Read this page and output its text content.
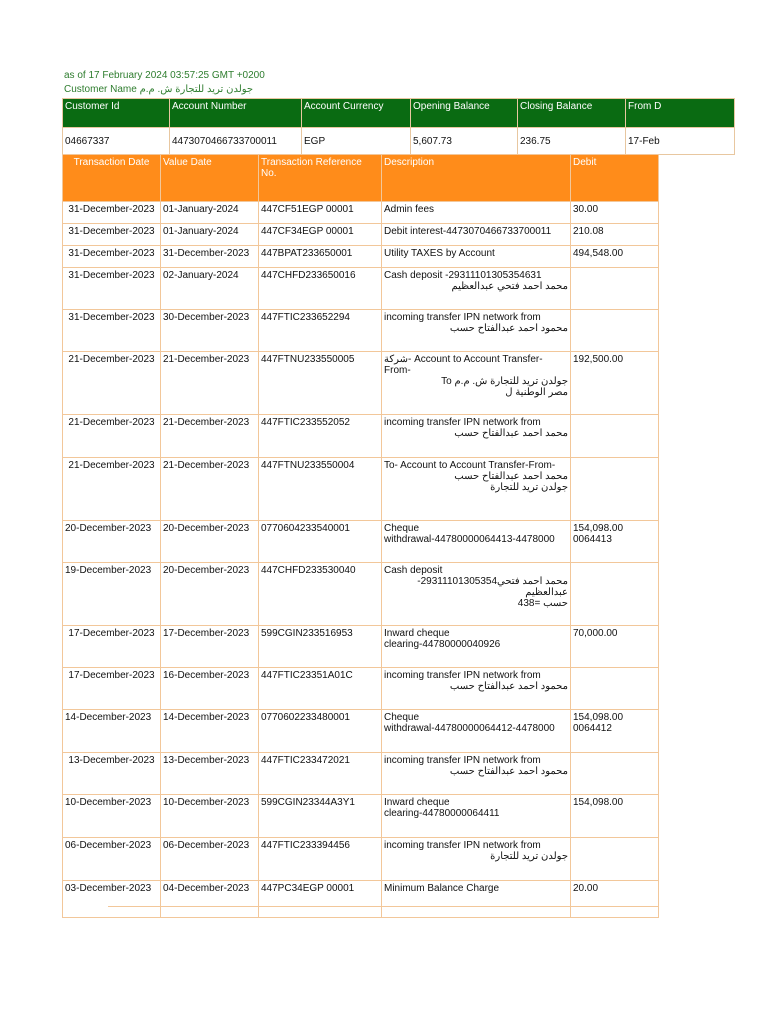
as of 17 February 2024 03:57:25 GMT +0200
Customer Name جولدن تريد للتجارة ش. م.م
Customer Id	Account Number	Account Currency	Opening Balance	Closing Balance	From D
04667337	4473070466733700011	EGP	5,607.73	236.75	17-Feb
Transaction Date	Value Date	Transaction Reference No.	Description	Debit
31-December-2023	01-January-2024	447CF51EGP 00001	Admin fees	30.00
31-December-2023	01-January-2024	447CF34EGP 00001	Debit interest-4473070466733700011	210.08
31-December-2023	31-December-2023	447BPAT233650001	Utility TAXES by Account	494,548.00
31-December-2023	02-January-2024	447CHFD233650016	Cash deposit -29311101305354631
محمد احمد فتحي عبدالعظيم	

31-December-2023	30-December-2023	447FTIC233652294	incoming transfer IPN network from
محمود احمد عبدالفتاح حسب	

21-December-2023	21-December-2023	447FTNU233550005	شركة- Account to Account Transfer-From-
To جولدن تريد للتجارة ش. م.م
مصر الوطنية ل	192,500.00
21-December-2023	21-December-2023	447FTIC233552052	incoming transfer IPN network from
محمد احمد عبدالفتاح حسب	

21-December-2023	21-December-2023	447FTNU233550004	To- Account to Account Transfer-From-
محمد احمد عبدالفتاح حسب
جولدن تريد للتجارة	

20-December-2023	20-December-2023	0770604233540001	Cheque
withdrawal-44780000064413-4478000	154,098.00 0064413
19-December-2023	20-December-2023	447CHFD233530040	Cash deposit
محمد احمد فتحي29311101305354- عبدالعظيم
حسب =438	

17-December-2023	17-December-2023	599CGIN233516953	Inward cheque
clearing-44780000040926	70,000.00
17-December-2023	16-December-2023	447FTIC23351A01C	incoming transfer IPN network from
محمود احمد عبدالفتاح حسب	

14-December-2023	14-December-2023	0770602233480001	Cheque
withdrawal-44780000064412-4478000	154,098.00 0064412
13-December-2023	13-December-2023	447FTIC233472021	incoming transfer IPN network from
محمود احمد عبدالفتاح حسب	

10-December-2023	10-December-2023	599CGIN23344A3Y1	Inward cheque
clearing-44780000064411	154,098.00
06-December-2023	06-December-2023	447FTIC233394456	incoming transfer IPN network from
جولدن تريد للتجارة	

03-December-2023	04-December-2023	447PC34EGP 00001	Minimum Balance Charge	20.00
